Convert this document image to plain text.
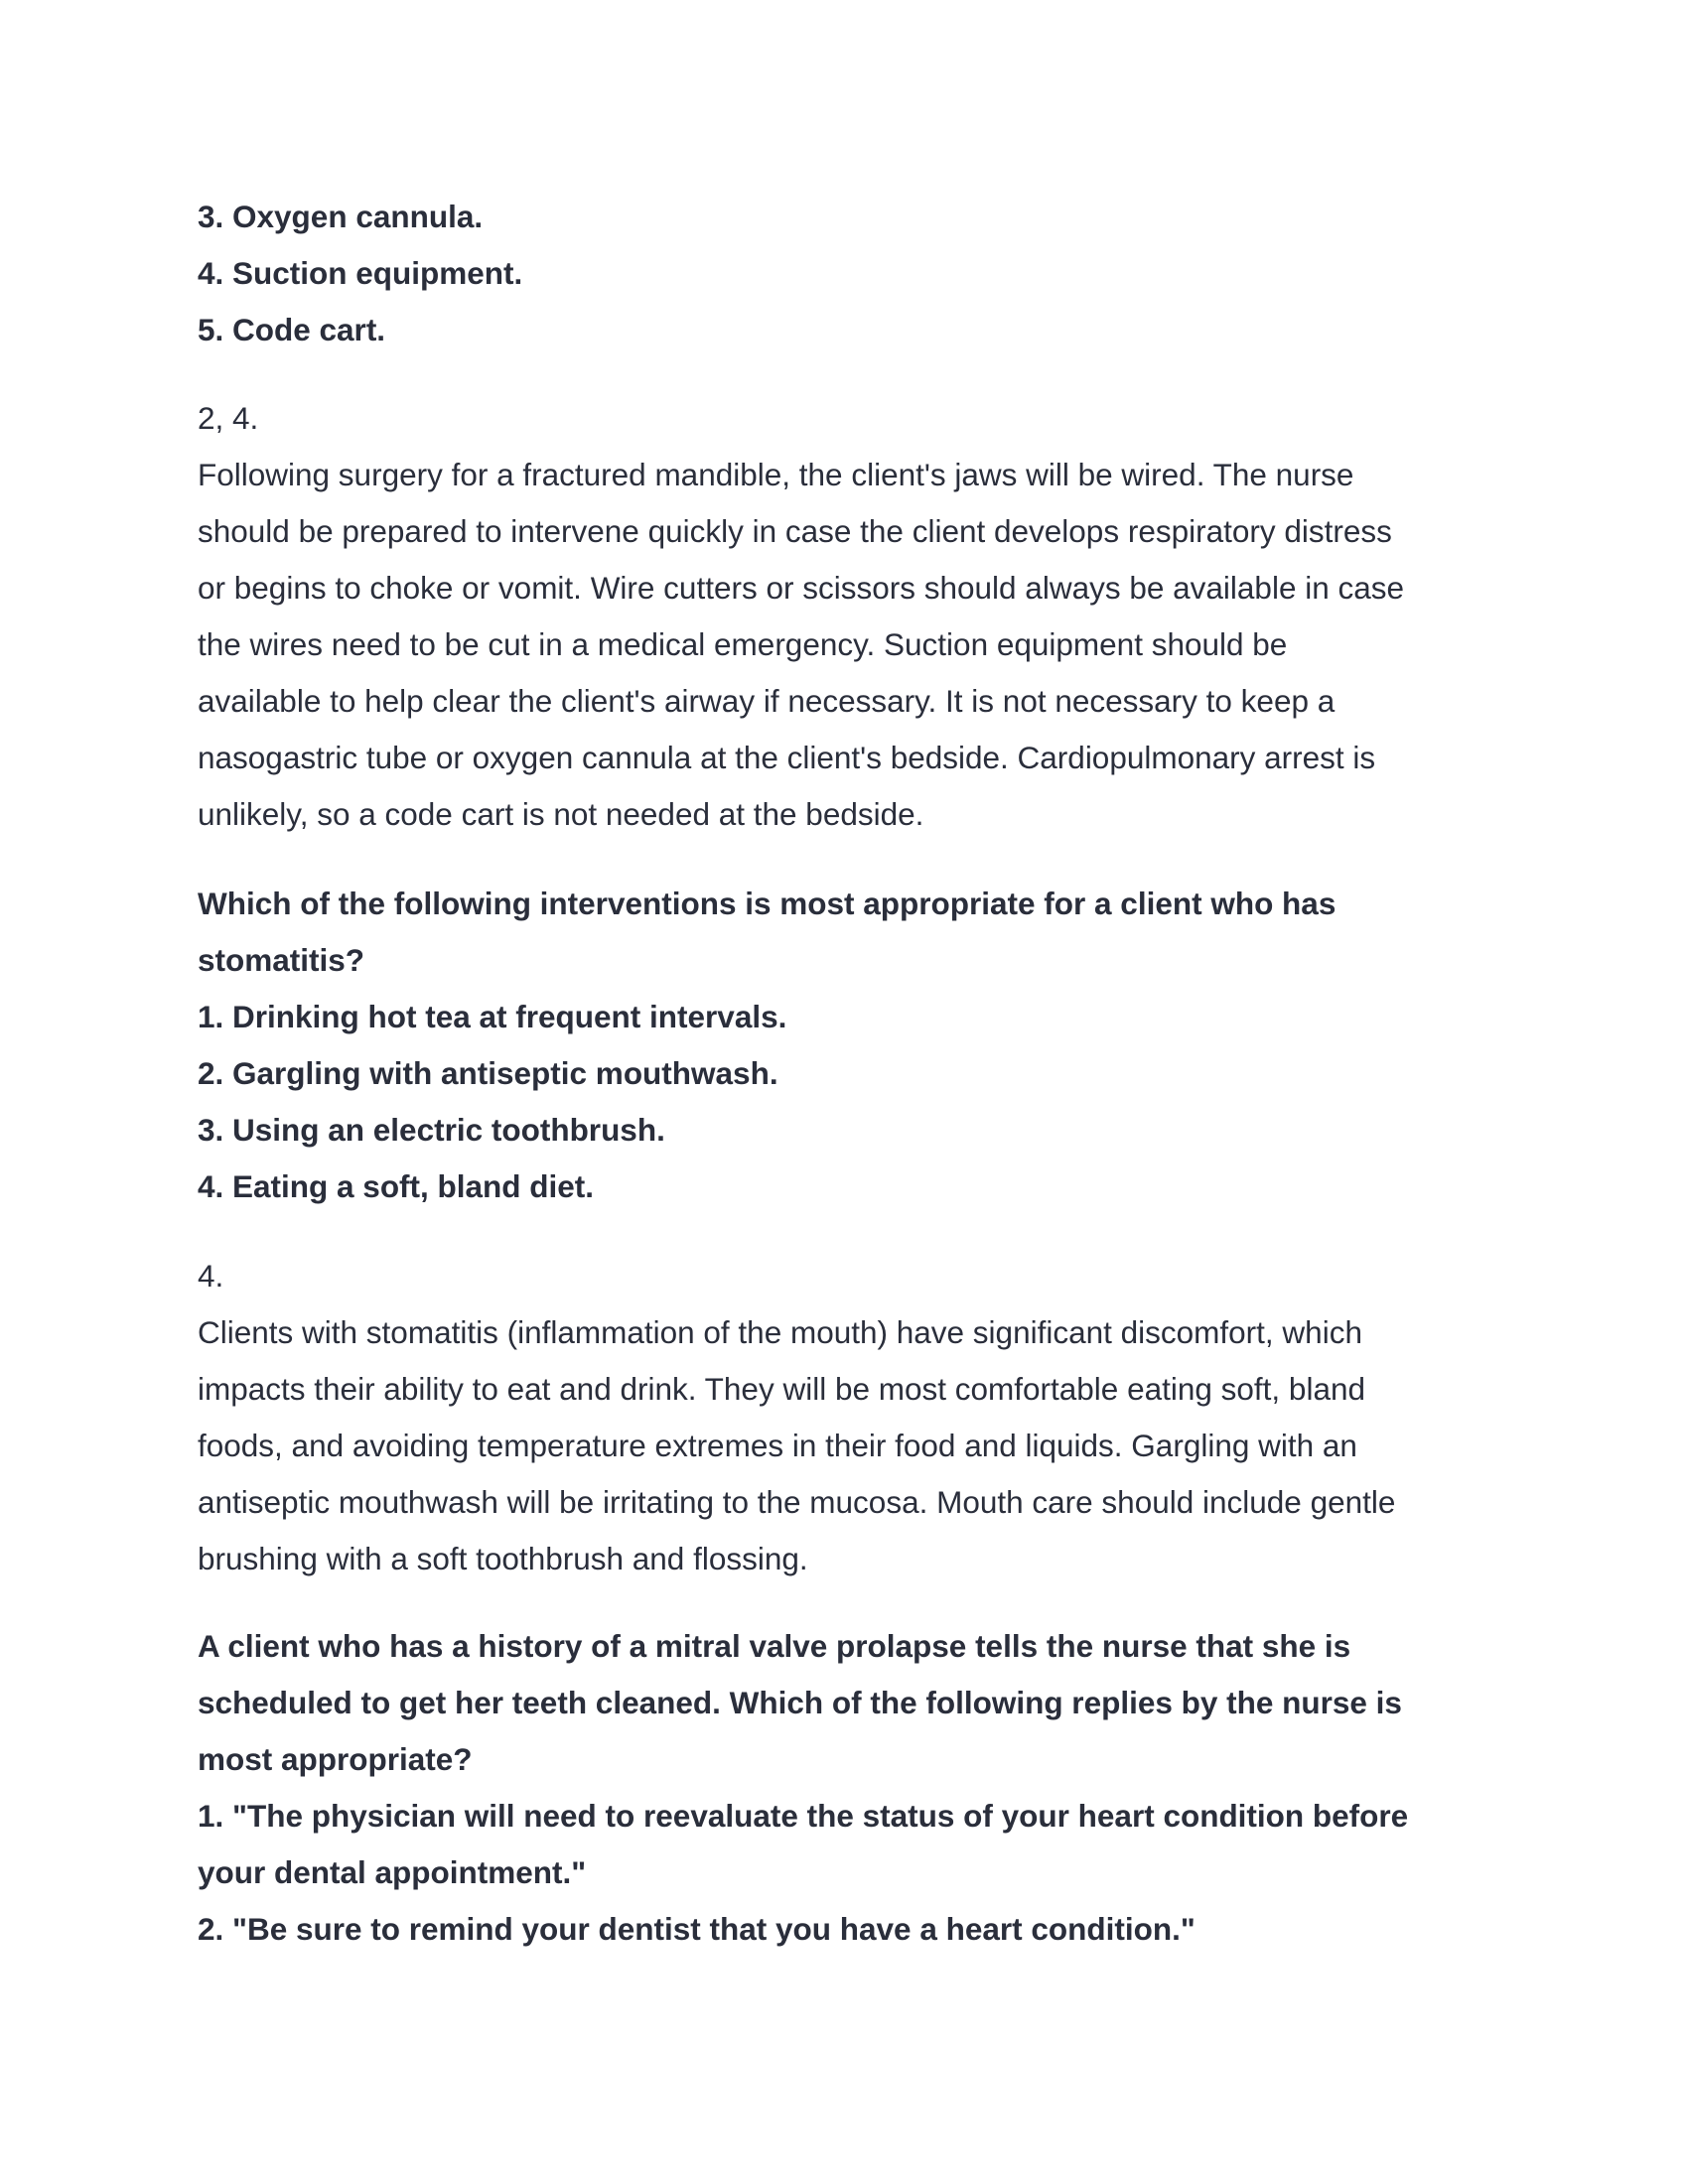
3. Oxygen cannula.
4. Suction equipment.
5. Code cart.
2, 4.
Following surgery for a fractured mandible, the client's jaws will be wired. The nurse
should be prepared to intervene quickly in case the client develops respiratory distress
or begins to choke or vomit. Wire cutters or scissors should always be available in case
the wires need to be cut in a medical emergency. Suction equipment should be
available to help clear the client's airway if necessary. It is not necessary to keep a
nasogastric tube or oxygen cannula at the client's bedside. Cardiopulmonary arrest is
unlikely, so a code cart is not needed at the bedside.
Which of the following interventions is most appropriate for a client who has
stomatitis?
1. Drinking hot tea at frequent intervals.
2. Gargling with antiseptic mouthwash.
3. Using an electric toothbrush.
4. Eating a soft, bland diet.
4.
Clients with stomatitis (inflammation of the mouth) have significant discomfort, which
impacts their ability to eat and drink. They will be most comfortable eating soft, bland
foods, and avoiding temperature extremes in their food and liquids. Gargling with an
antiseptic mouthwash will be irritating to the mucosa. Mouth care should include gentle
brushing with a soft toothbrush and flossing.
A client who has a history of a mitral valve prolapse tells the nurse that she is
scheduled to get her teeth cleaned. Which of the following replies by the nurse is
most appropriate?
1. "The physician will need to reevaluate the status of your heart condition before
your dental appointment."
2. "Be sure to remind your dentist that you have a heart condition."
